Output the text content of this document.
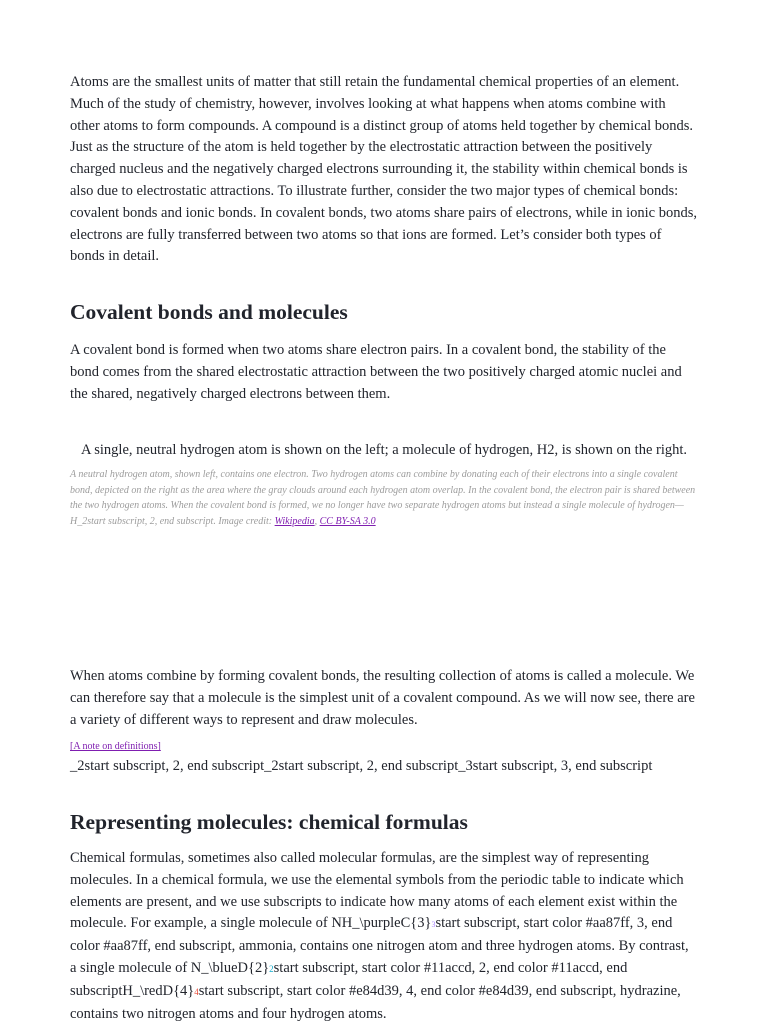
Atoms are the smallest units of matter that still retain the fundamental chemical properties of an element. Much of the study of chemistry, however, involves looking at what happens when atoms combine with other atoms to form compounds. A compound is a distinct group of atoms held together by chemical bonds. Just as the structure of the atom is held together by the electrostatic attraction between the positively charged nucleus and the negatively charged electrons surrounding it, the stability within chemical bonds is also due to electrostatic attractions. To illustrate further, consider the two major types of chemical bonds: covalent bonds and ionic bonds. In covalent bonds, two atoms share pairs of electrons, while in ionic bonds, electrons are fully transferred between two atoms so that ions are formed. Let’s consider both types of bonds in detail.

Covalent bonds and molecules

A covalent bond is formed when two atoms share electron pairs. In a covalent bond, the stability of the bond comes from the shared electrostatic attraction between the two positively charged atomic nuclei and the shared, negatively charged electrons between them.

A single, neutral hydrogen atom is shown on the left; a molecule of hydrogen, H2, is shown on the right.

A neutral hydrogen atom, shown left, contains one electron. Two hydrogen atoms can combine by donating each of their electrons into a single covalent bond, depicted on the right as the area where the gray clouds around each hydrogen atom overlap. In the covalent bond, the electron pair is shared between the two hydrogen atoms. When the covalent bond is formed, we no longer have two separate hydrogen atoms but instead a single molecule of hydrogen—H_2start subscript, 2, end subscript. Image credit: Wikipedia, CC BY-SA 3.0

When atoms combine by forming covalent bonds, the resulting collection of atoms is called a molecule. We can therefore say that a molecule is the simplest unit of a covalent compound. As we will now see, there are a variety of different ways to represent and draw molecules.

[A note on definitions]

_2start subscript, 2, end subscript_2start subscript, 2, end subscript_3start subscript, 3, end subscript

Representing molecules: chemical formulas

Chemical formulas, sometimes also called molecular formulas, are the simplest way of representing molecules. In a chemical formula, we use the elemental symbols from the periodic table to indicate which elements are present, and we use subscripts to indicate how many atoms of each element exist within the molecule. For example, a single molecule of NH_\purpleC{3}3start subscript, start color #aa87ff, 3, end color #aa87ff, end subscript, ammonia, contains one nitrogen atom and three hydrogen atoms. By contrast, a single molecule of N_\blueD{2}2start subscript, start color #11accd, 2, end color #11accd, end subscriptH_\redD{4}4start subscript, start color #e84d39, 4, end color #e84d39, end subscript, hydrazine, contains two nitrogen atoms and four hydrogen atoms.
